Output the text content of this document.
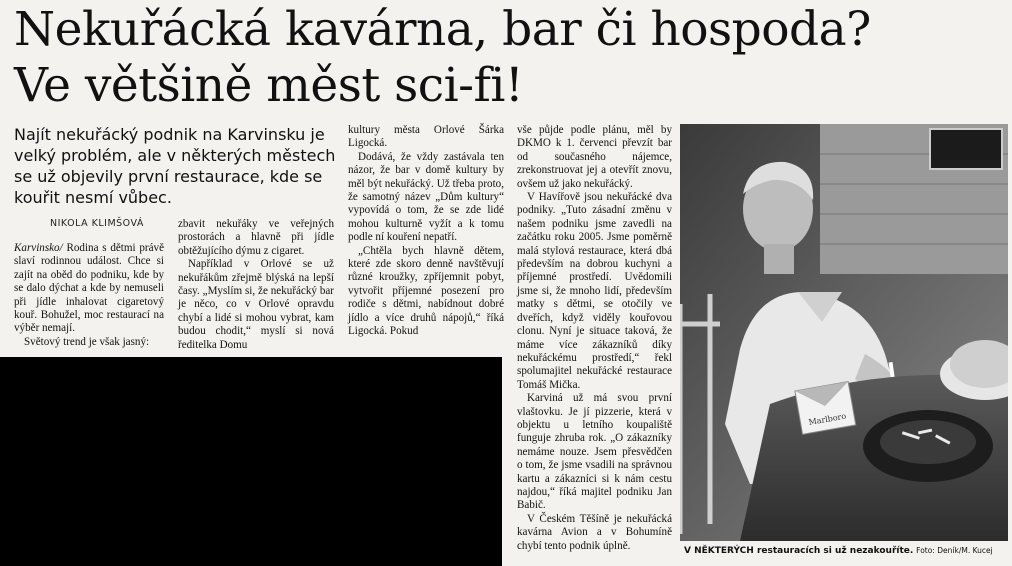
Nekuřácká kavárna, bar či hospoda?
Ve většině měst sci-fi!

Najít nekuřácký podnik na Karvinsku je velký problém, ale v některých městech se už objevily první restaurace, kde se kouřit nesmí vůbec.

NIKOLA KLIMŠOVÁ

Karvinsko/ Rodina s dětmi právě slaví rodinnou událost. Chce si zajít na oběd do podniku, kde by se dalo dýchat a kde by nemuseli při jídle inhalovat cigaretový kouř. Bohužel, moc restaurací na výběr nemají.

Světový trend je však jasný:

zbavit nekuřáky ve veřejných prostorách a hlavně při jídle obtěžujícího dýmu z cigaret.

Například v Orlové se už nekuřákům zřejmě blýská na lepší časy. „Myslím si, že nekuřácký bar je něco, co v Orlové opravdu chybí a lidé si mohou vybrat, kam budou chodit,“ myslí si nová ředitelka Domu

kultury města Orlové Šárka Ligocká.

Dodává, že vždy zastávala ten názor, že bar v domě kultury by měl být nekuřácký. Už třeba proto, že samotný název „Dům kultury“ vypovídá o tom, že se zde lidé mohou kulturně vyžít a k tomu podle ní kouření nepatří.

„Chtěla bych hlavně dětem, které zde skoro denně navštěvují různé kroužky, zpříjemnit pobyt, vytvořit příjemné posezení pro rodiče s dětmi, nabídnout dobré jídlo a více druhů nápojů,“ říká Ligocká. Pokud

vše půjde podle plánu, měl by DKMO k 1. červenci převzít bar od současného nájemce, zrekonstruovat jej a otevřít znovu, ovšem už jako nekuřácký.

V Havířově jsou nekuřácké dva podniky. „Tuto zásadní změnu v našem podniku jsme zavedli na začátku roku 2005. Jsme poměrně malá stylová restaurace, která dbá především na dobrou kuchyni a příjemné prostředí. Uvědomili jsme si, že mnoho lidí, především matky s dětmi, se otočily ve dveřích, když viděly kouřovou clonu. Nyní je situace taková, že máme více zákazníků díky nekuřáckému prostředí,“ řekl spolumajitel nekuřácké restaurace Tomáš Mička.

Karviná už má svou první vlaštovku. Je jí pizzerie, která v objektu u letního koupaliště funguje zhruba rok. „O zákazníky nemáme nouze. Jsem přesvědčen o tom, že jsme vsadili na správnou kartu a zákazníci si k nám cestu najdou,“ říká majitel podniku Jan Babič.

V Českém Těšíně je nekuřácká kavárna Avion a v Bohumíně chybí tento podnik úplně.

Marlboro

V NĚKTERÝCH restauracích si už nezakouříte. Foto: Deník/M. Kucej
